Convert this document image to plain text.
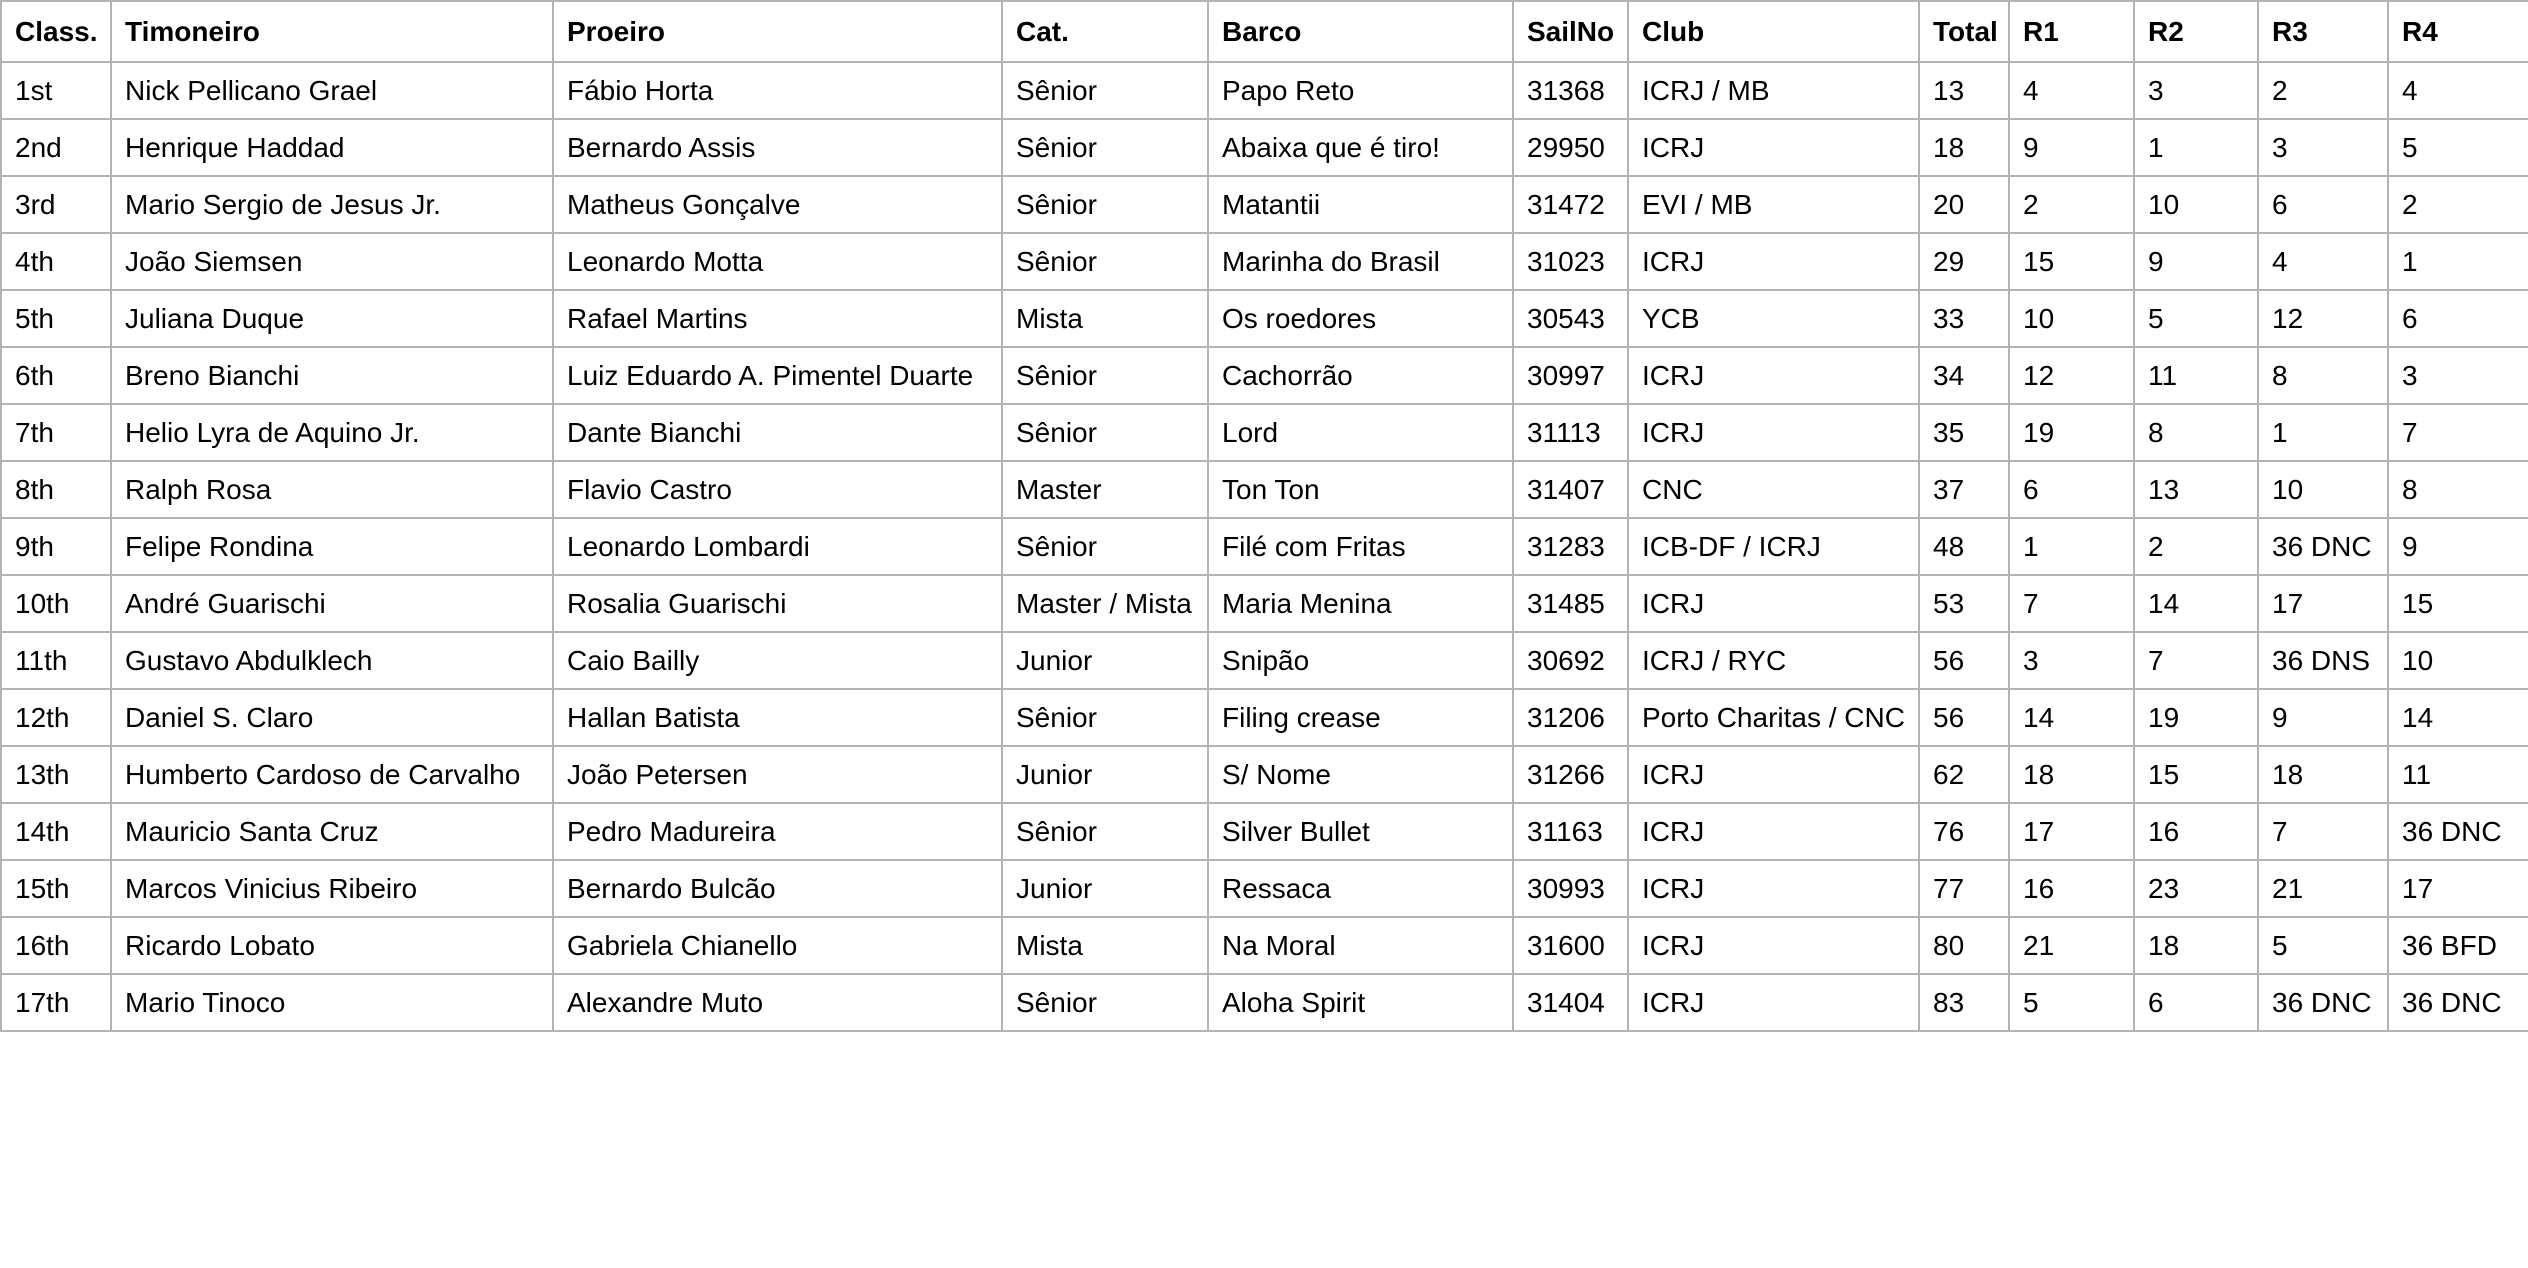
Class.	Timoneiro	Proeiro	Cat.	Barco	SailNo	Club	Total	R1	R2	R3	R4
1st	Nick Pellicano Grael	Fábio Horta	Sênior	Papo Reto	31368	ICRJ / MB	13	4	3	2	4
2nd	Henrique Haddad	Bernardo Assis	Sênior	Abaixa que é tiro!	29950	ICRJ	18	9	1	3	5
3rd	Mario Sergio de Jesus Jr.	Matheus Gonçalve	Sênior	Matantii	31472	EVI / MB	20	2	10	6	2
4th	João Siemsen	Leonardo Motta	Sênior	Marinha do Brasil	31023	ICRJ	29	15	9	4	1
5th	Juliana Duque	Rafael Martins	Mista	Os roedores	30543	YCB	33	10	5	12	6
6th	Breno Bianchi	Luiz Eduardo A. Pimentel Duarte	Sênior	Cachorrão	30997	ICRJ	34	12	11	8	3
7th	Helio Lyra de Aquino Jr.	Dante Bianchi	Sênior	Lord	31113	ICRJ	35	19	8	1	7
8th	Ralph Rosa	Flavio Castro	Master	Ton Ton	31407	CNC	37	6	13	10	8
9th	Felipe Rondina	Leonardo Lombardi	Sênior	Filé com Fritas	31283	ICB-DF / ICRJ	48	1	2	36 DNC	9
10th	André Guarischi	Rosalia Guarischi	Master / Mista	Maria Menina	31485	ICRJ	53	7	14	17	15
11th	Gustavo Abdulklech	Caio Bailly	Junior	Snipão	30692	ICRJ / RYC	56	3	7	36 DNS	10
12th	Daniel S. Claro	Hallan Batista	Sênior	Filing crease	31206	Porto Charitas / CNC	56	14	19	9	14
13th	Humberto Cardoso de Carvalho	João Petersen	Junior	S/ Nome	31266	ICRJ	62	18	15	18	11
14th	Mauricio Santa Cruz	Pedro Madureira	Sênior	Silver Bullet	31163	ICRJ	76	17	16	7	36 DNC
15th	Marcos Vinicius Ribeiro	Bernardo Bulcão	Junior	Ressaca	30993	ICRJ	77	16	23	21	17
16th	Ricardo Lobato	Gabriela Chianello	Mista	Na Moral	31600	ICRJ	80	21	18	5	36 BFD
17th	Mario Tinoco	Alexandre Muto	Sênior	Aloha Spirit	31404	ICRJ	83	5	6	36 DNC	36 DNC
